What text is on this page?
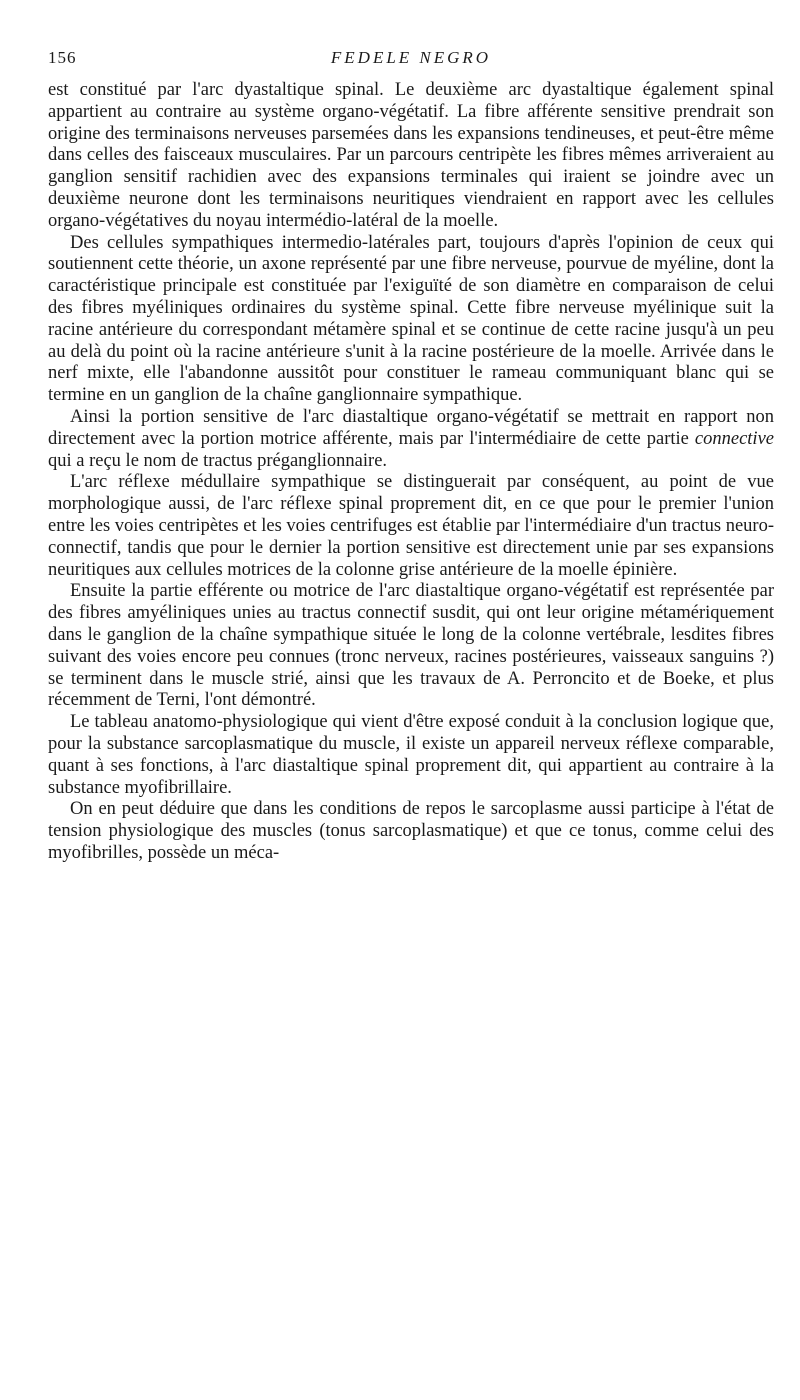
156	FEDELE NEGRO

est constitué par l'arc dyastaltique spinal. Le deuxième arc dyastaltique également spinal appartient au contraire au système organo-végétatif. La fibre afférente sensitive prendrait son origine des terminaisons nerveuses parsemées dans les expansions tendineuses, et peut-être même dans celles des faisceaux musculaires. Par un parcours centripète les fibres mêmes arriveraient au ganglion sensitif rachidien avec des expansions terminales qui iraient se joindre avec un deuxième neurone dont les terminaisons neuritiques viendraient en rapport avec les cellules organo-végétatives du noyau intermédio-latéral de la moelle.

Des cellules sympathiques intermedio-latérales part, toujours d'après l'opinion de ceux qui soutiennent cette théorie, un axone représenté par une fibre nerveuse, pourvue de myéline, dont la caractéristique principale est constituée par l'exiguïté de son diamètre en comparaison de celui des fibres myéliniques ordinaires du système spinal. Cette fibre nerveuse myélinique suit la racine antérieure du correspondant métamère spinal et se continue de cette racine jusqu'à un peu au delà du point où la racine antérieure s'unit à la racine postérieure de la moelle. Arrivée dans le nerf mixte, elle l'abandonne aussitôt pour constituer le rameau communiquant blanc qui se termine en un ganglion de la chaîne ganglionnaire sympathique.

Ainsi la portion sensitive de l'arc diastaltique organo-végétatif se mettrait en rapport non directement avec la portion motrice afférente, mais par l'intermédiaire de cette partie connective qui a reçu le nom de tractus préganglionnaire.

L'arc réflexe médullaire sympathique se distinguerait par conséquent, au point de vue morphologique aussi, de l'arc réflexe spinal proprement dit, en ce que pour le premier l'union entre les voies centripètes et les voies centrifuges est établie par l'intermédiaire d'un tractus neuro-connectif, tandis que pour le dernier la portion sensitive est directement unie par ses expansions neuritiques aux cellules motrices de la colonne grise antérieure de la moelle épinière.

Ensuite la partie efférente ou motrice de l'arc diastaltique organo-végétatif est représentée par des fibres amyéliniques unies au tractus connectif susdit, qui ont leur origine métamériquement dans le ganglion de la chaîne sympathique située le long de la colonne vertébrale, lesdites fibres suivant des voies encore peu connues (tronc nerveux, racines postérieures, vaisseaux sanguins ?) se terminent dans le muscle strié, ainsi que les travaux de A. Perroncito et de Boeke, et plus récemment de Terni, l'ont démontré.

Le tableau anatomo-physiologique qui vient d'être exposé conduit à la conclusion logique que, pour la substance sarcoplasmatique du muscle, il existe un appareil nerveux réflexe comparable, quant à ses fonctions, à l'arc diastaltique spinal proprement dit, qui appartient au contraire à la substance myofibrillaire.

On en peut déduire que dans les conditions de repos le sarcoplasme aussi participe à l'état de tension physiologique des muscles (tonus sarcoplasmatique) et que ce tonus, comme celui des myofibrilles, possède un méca-
